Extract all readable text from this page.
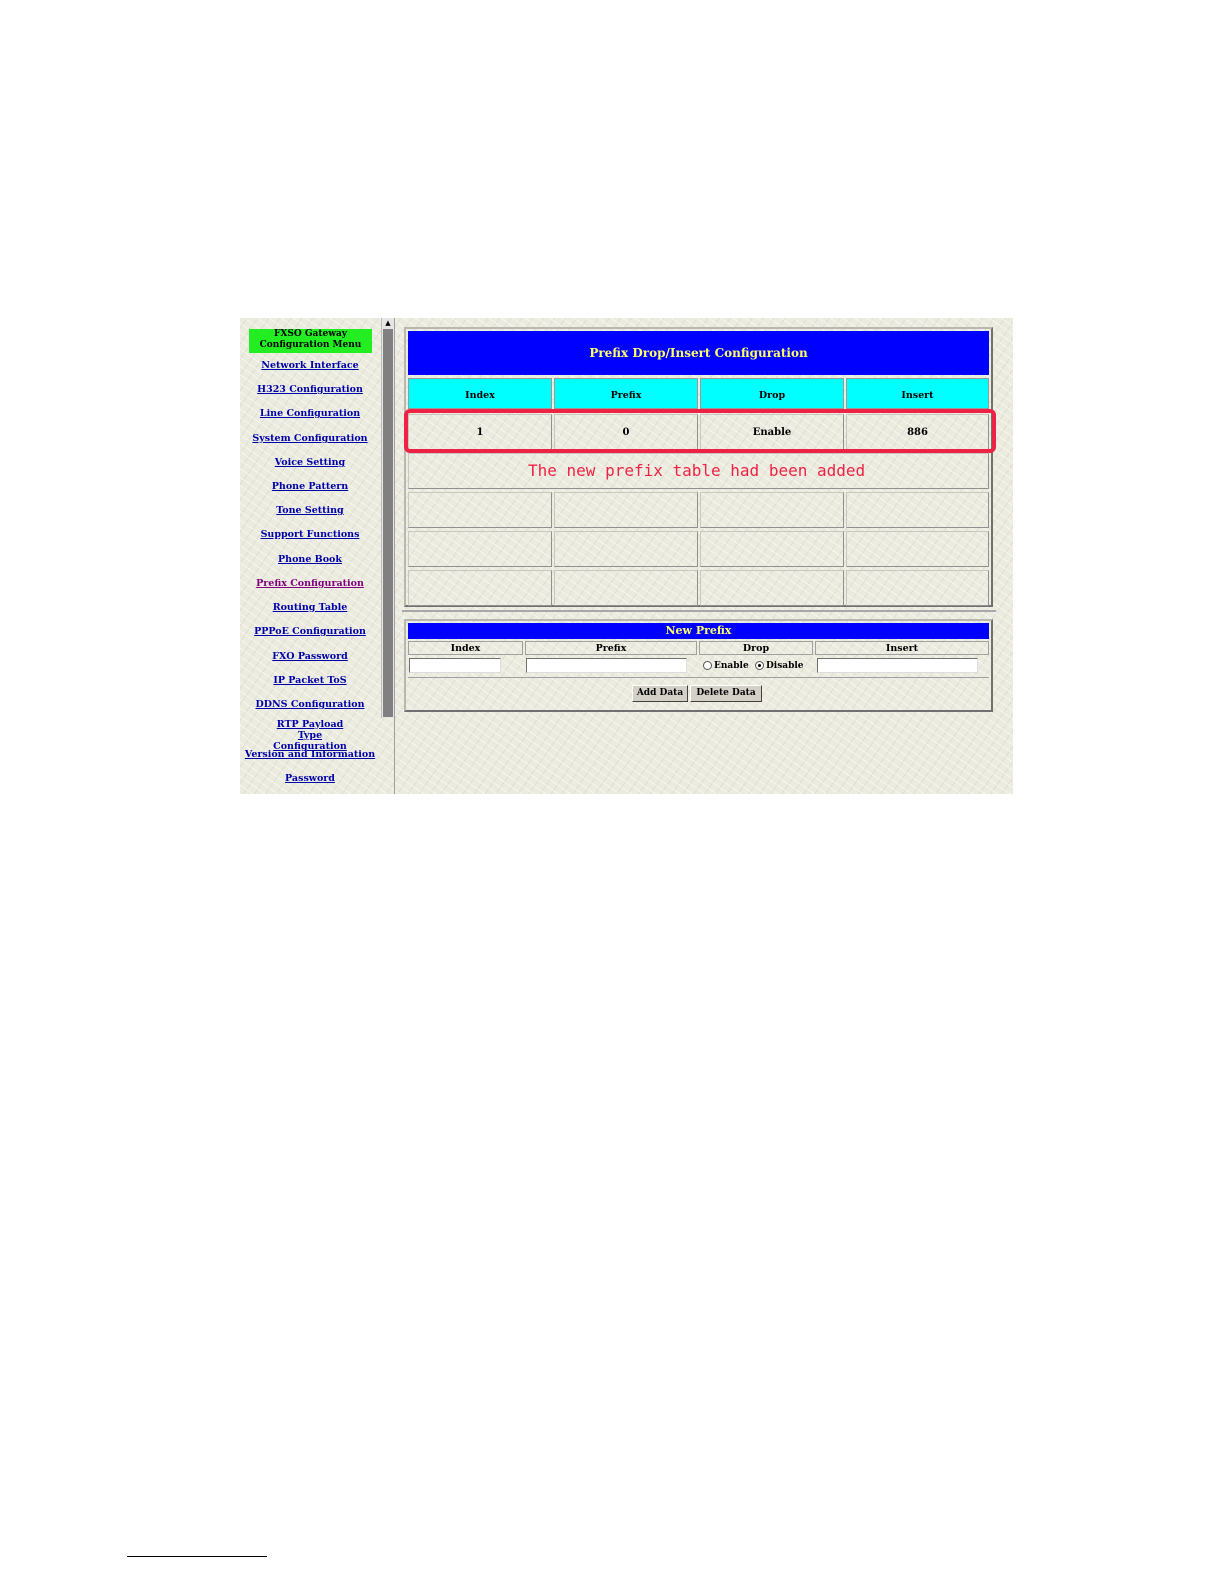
FXSO Gateway Configuration Menu
Network Interface
H323 Configuration
Line Configuration
System Configuration
Voice Setting
Phone Pattern
Tone Setting
Support Functions
Phone Book
Prefix Configuration
Routing Table
PPPoE Configuration
FXO Password
IP Packet ToS
DDNS Configuration
RTP Payload Type Configuration
Version and Information
Password
▲
Prefix Drop/Insert Configuration
Index	Prefix	Drop	Insert
1	0	Enable	886
The new prefix table had been added
New Prefix
Index	Prefix	Drop	Insert
Enable Disable
Add Data	Delete Data
